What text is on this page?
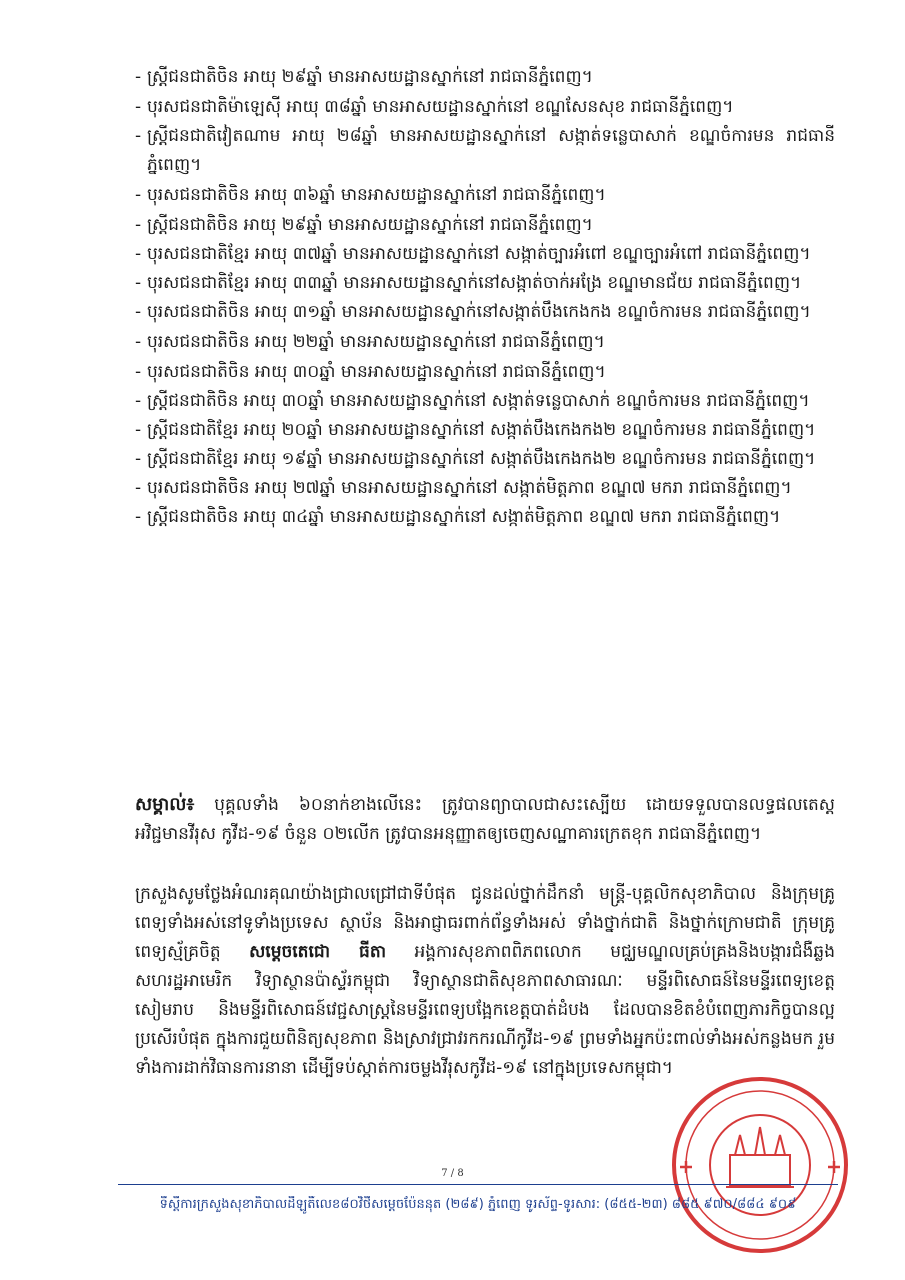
- ស្ត្រីជនជាតិចិន អាយុ ២៩ឆ្នាំ មានអាសយដ្ឋានស្នាក់នៅ រាជធានីភ្នំពេញ។
- បុរសជនជាតិម៉ាឡេស៊ី អាយុ ៣៨ឆ្នាំ មានអាសយដ្ឋានស្នាក់នៅ ខណ្ឌសែនសុខ រាជធានីភ្នំពេញ។
- ស្ត្រីជនជាតិវៀតណាម អាយុ ២៨ឆ្នាំ មានអាសយដ្ឋានស្នាក់នៅ សង្កាត់ទន្លេបាសាក់ ខណ្ឌចំការមន រាជធានីភ្នំពេញ។
- បុរសជនជាតិចិន អាយុ ៣៦ឆ្នាំ មានអាសយដ្ឋានស្នាក់នៅ រាជធានីភ្នំពេញ។
- ស្ត្រីជនជាតិចិន អាយុ ២៩ឆ្នាំ មានអាសយដ្ឋានស្នាក់នៅ រាជធានីភ្នំពេញ។
- បុរសជនជាតិខ្មែរ អាយុ ៣៧ឆ្នាំ មានអាសយដ្ឋានស្នាក់នៅ សង្កាត់ច្បារអំពៅ ខណ្ឌច្បារអំពៅ រាជធានីភ្នំពេញ។
- បុរសជនជាតិខ្មែរ អាយុ ៣៣ឆ្នាំ មានអាសយដ្ឋានស្នាក់នៅសង្កាត់ចាក់អង្រែ ខណ្ឌមានជ័យ រាជធានីភ្នំពេញ។
- បុរសជនជាតិចិន អាយុ ៣១ឆ្នាំ មានអាសយដ្ឋានស្នាក់នៅសង្កាត់បឹងកេងកង ខណ្ឌចំការមន រាជធានីភ្នំពេញ។
- បុរសជនជាតិចិន អាយុ ២២ឆ្នាំ មានអាសយដ្ឋានស្នាក់នៅ រាជធានីភ្នំពេញ។
- បុរសជនជាតិចិន អាយុ ៣០ឆ្នាំ មានអាសយដ្ឋានស្នាក់នៅ រាជធានីភ្នំពេញ។
- ស្ត្រីជនជាតិចិន អាយុ ៣០ឆ្នាំ មានអាសយដ្ឋានស្នាក់នៅ សង្កាត់ទន្លេបាសាក់ ខណ្ឌចំការមន រាជធានីភ្នំពេញ។
- ស្ត្រីជនជាតិខ្មែរ អាយុ ២០ឆ្នាំ មានអាសយដ្ឋានស្នាក់នៅ សង្កាត់បឹងកេងកង២ ខណ្ឌចំការមន រាជធានីភ្នំពេញ។
- ស្ត្រីជនជាតិខ្មែរ អាយុ ១៩ឆ្នាំ មានអាសយដ្ឋានស្នាក់នៅ សង្កាត់បឹងកេងកង២ ខណ្ឌចំការមន រាជធានីភ្នំពេញ។
- បុរសជនជាតិចិន អាយុ ២៧ឆ្នាំ មានអាសយដ្ឋានស្នាក់នៅ សង្កាត់មិត្តភាព ខណ្ឌ៧ មករា រាជធានីភ្នំពេញ។
- ស្ត្រីជនជាតិចិន អាយុ ៣៤ឆ្នាំ មានអាសយដ្ឋានស្នាក់នៅ សង្កាត់មិត្តភាព ខណ្ឌ៧ មករា រាជធានីភ្នំពេញ។

សម្គាល់៖ បុគ្គលទាំង ៦០នាក់ខាងលើនេះ ត្រូវបានព្យាបាលជាសះស្បើយ ដោយទទួលបានលទ្ធផលតេស្ត អវិជ្ជមានវីរុស កូវីដ-១៩ ចំនួន ០២លើក ត្រូវបានអនុញ្ញាតឲ្យចេញសណ្ឋាគារក្រេតខុក រាជធានីភ្នំពេញ។

ក្រសួងសូមថ្លែងអំណរគុណយ៉ាងជ្រាលជ្រៅជាទីបំផុត ជូនដល់ថ្នាក់ដឹកនាំ មន្ត្រី-បុគ្គលិកសុខាភិបាល និងក្រុមគ្រូពេទ្យទាំងអស់នៅទូទាំងប្រទេស ស្ថាប័ន និងអាជ្ញាធរពាក់ព័ន្ធទាំងអស់ ទាំងថ្នាក់ជាតិ និងថ្នាក់ក្រោមជាតិ ក្រុមគ្រូពេទ្យស្ម័គ្រចិត្ត សម្តេចតេជោ ធីតា អង្គការសុខភាពពិភពលោក មជ្ឈមណ្ឌលគ្រប់គ្រងនិងបង្ការជំងឺឆ្លង សហរដ្ឋអាមេរិក វិទ្យាស្ថានប៉ាស្ទ័រកម្ពុជា វិទ្យាស្ថានជាតិសុខភាពសាធារណៈ មន្ទីរពិសោធន៍នៃមន្ទីរពេទ្យខេត្តសៀមរាប និងមន្ទីរពិសោធន៍វេជ្ជសាស្ត្រនៃមន្ទីរពេទ្យបង្អែកខេត្តបាត់ដំបង ដែលបានខិតខំបំពេញភារកិច្ចបានល្អប្រសើរបំផុត ក្នុងការជួយពិនិត្យសុខភាព និងស្រាវជ្រាវរកករណីកូវីដ-១៩ ព្រមទាំងអ្នកប៉ះពាល់ទាំងអស់កន្លងមក រួមទាំងការដាក់វិធានការនានា ដើម្បីទប់ស្កាត់ការចម្លងវីរុសកូវីដ-១៩ នៅក្នុងប្រទេសកម្ពុជា។

7 / 8
ទីស្តីការក្រសួងសុខាភិបាលដីឡូតិ៍លេខ៨០វិថីសម្តេចប៉ែននុត (២៨៩) ភ្នំពេញ ទូរស័ព្ទ-ទូរសារ: (៨៥៥-២៣) ៨៨៥ ៩៧០/៨៨៤ ៩០៩
